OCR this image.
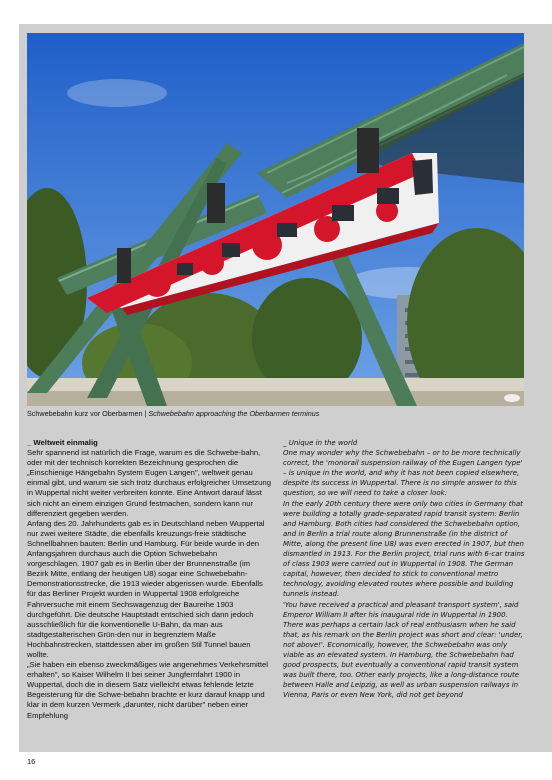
Schwebebahn kurz vor Oberbarmen | Schwebebahn approaching the Oberbarmen terminus
_ Weltweit einmalig

Sehr spannend ist natürlich die Frage, warum es die Schwebe-bahn, oder mit der technisch korrekten Bezeichnung gesprochen die „Einschienige Hängebahn System Eugen Langen", weltweit genau einmal gibt, und warum sie sich trotz durchaus erfolgreicher Umsetzung in Wuppertal nicht weiter verbreiten konnte. Eine Antwort darauf lässt sich nicht an einem einzigen Grund festmachen, sondern kann nur differenziert gegeben werden.

Anfang des 20. Jahrhunderts gab es in Deutschland neben Wuppertal nur zwei weitere Städte, die ebenfalls kreuzungs-freie städtische Schnellbahnen bauten: Berlin und Hamburg. Für beide wurde in den Anfangsjahren durchaus auch die Option Schwebebahn vorgeschlagen. 1907 gab es in Berlin über der Brunnenstraße (im Bezirk Mitte, entlang der heutigen U8) sogar eine Schwebebahn-Demonstrationsstrecke, die 1913 wieder abgerissen wurde. Ebenfalls für das Berliner Projekt wurden in Wuppertal 1908 erfolgreiche Fahrversuche mit einem Sechswagenzug der Baureihe 1903 durchgeführt. Die deutsche Hauptstadt entschied sich dann jedoch ausschließlich für die konventionelle U-Bahn, da man aus stadtgestalterischen Grün-den nur in begrenztem Maße Hochbahnstrecken, stattdessen aber im großen Stil Tunnel bauen wollte.

„Sie haben ein ebenso zweckmäßiges wie angenehmes Verkehrsmittel erhalten", so Kaiser Wilhelm II bei seiner Jungfernfahrt 1900 in Wuppertal, doch die in diesem Satz vielleicht etwas fehlende letzte Begeisterung für die Schwe-bebahn brachte er kurz darauf knapp und klar in dem kurzen Vermerk „darunter, nicht darüber" neben einer Empfehlung

_ Unique in the world

One may wonder why the Schwebebahn – or to be more technically correct, the 'monorail suspension railway of the Eugen Langen type' – is unique in the world, and why it has not been copied elsewhere, despite its success in Wuppertal. There is no simple answer to this question, so we will need to take a closer look:

In the early 20th century there were only two cities in Germany that were building a totally grade-separated rapid transit system: Berlin and Hamburg. Both cities had considered the Schwebebahn option, and in Berlin a trial route along Brunnenstraße (in the district of Mitte, along the present line U8) was even erected in 1907, but then dismantled in 1913. For the Berlin project, trial runs with 6-car trains of class 1903 were carried out in Wuppertal in 1908. The German capital, however, then decided to stick to conventional metro technology, avoiding elevated routes where possible and building tunnels instead.

'You have received a practical and pleasant transport system', said Emperor William II after his inaugural ride in Wuppertal in 1900. There was perhaps a certain lack of real enthusiasm when he said that, as his remark on the Berlin project was short and clear: 'under, not above!'. Economically, however, the Schwebebahn was only viable as an elevated system. In Hamburg, the Schwebebahn had good prospects, but eventually a conventional rapid transit system was built there, too. Other early projects, like a long-distance route between Halle and Leipzig, as well as urban suspension railways in Vienna, Paris or even New York, did not get beyond

16
